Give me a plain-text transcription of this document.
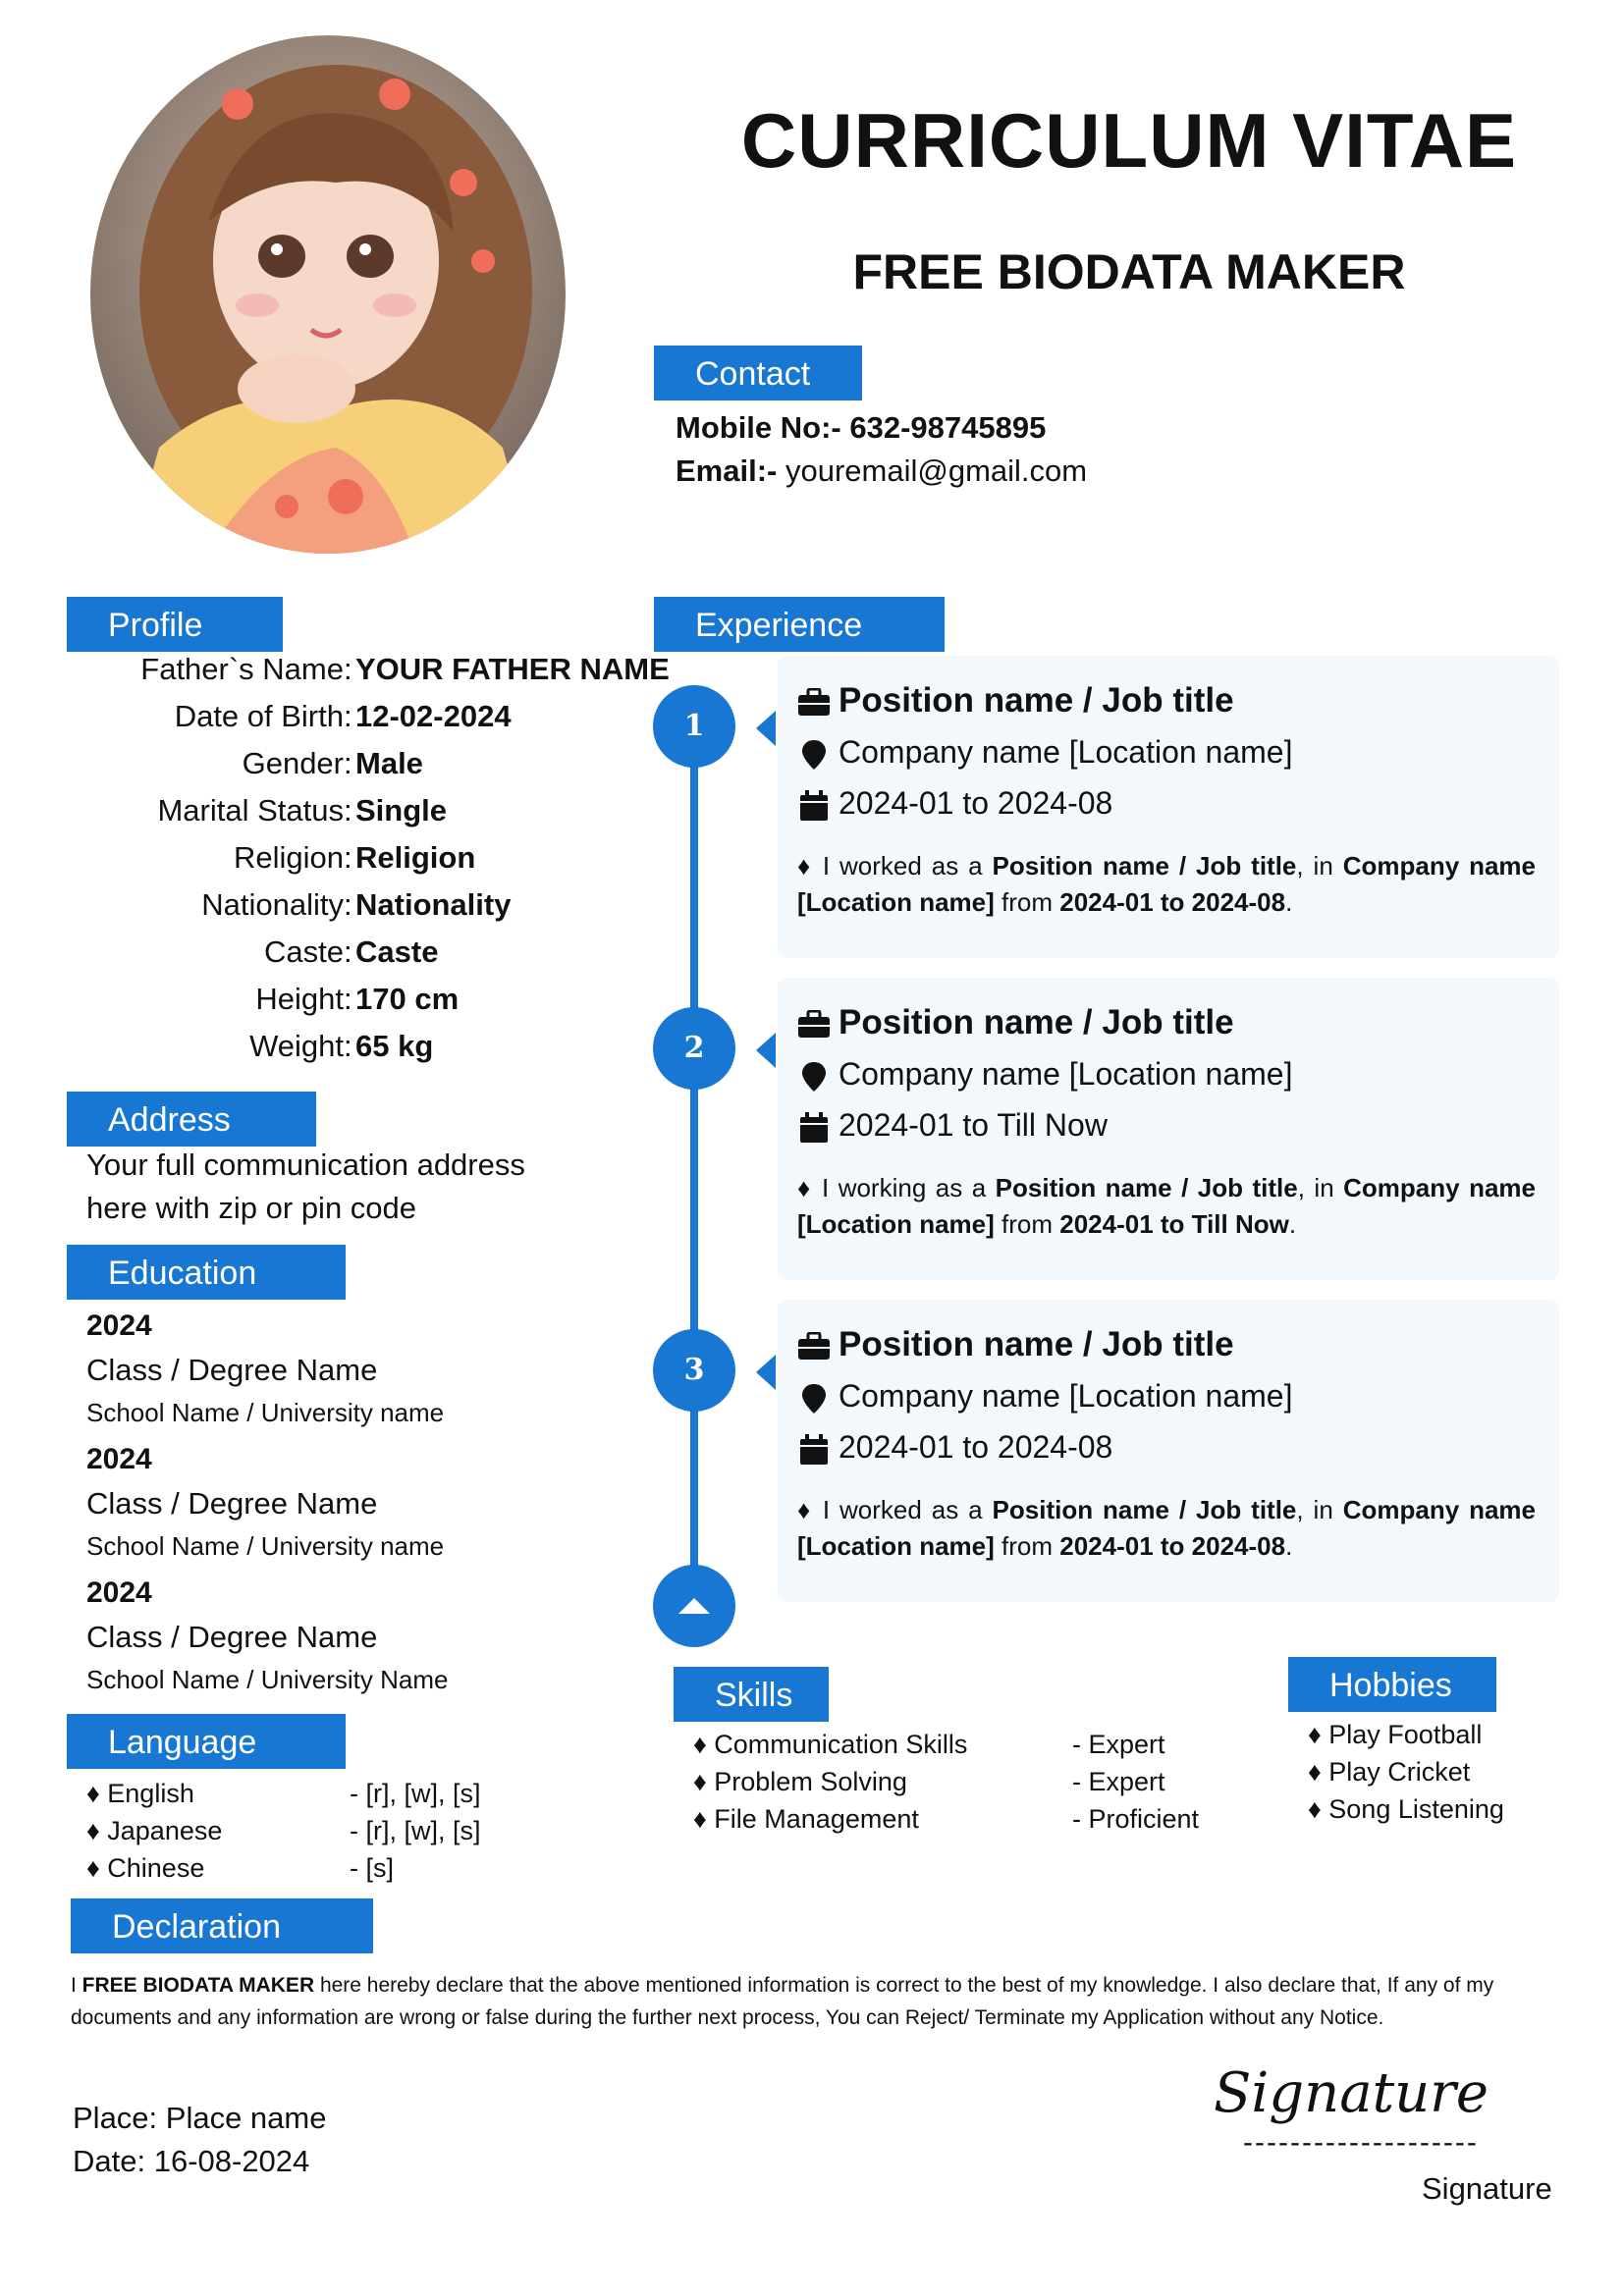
CURRICULUM VITAE
FREE BIODATA MAKER
Contact
Mobile No:- 632-98745895
Email:- youremail@gmail.com
Profile
Father`s Name : YOUR FATHER NAME
Date of Birth : 12-02-2024
Gender : Male
Marital Status : Single
Religion : Religion
Nationality : Nationality
Caste : Caste
Height : 170 cm
Weight : 65 kg
Address
Your full communication address
here with zip or pin code
Education
2024
Class / Degree Name
School Name / University name
2024
Class / Degree Name
School Name / University name
2024
Class / Degree Name
School Name / University Name
Language
♦ English	- [r], [w], [s]
♦ Japanese	- [r], [w], [s]
♦ Chinese	- [s]
Declaration
Experience
1
2
3
Position name / Job title
Company name [Location name]
2024-01 to 2024-08
♦ I worked as a Position name / Job title, in Company name [Location name] from 2024-01 to 2024-08.
Position name / Job title
Company name [Location name]
2024-01 to Till Now
♦ I working as a Position name / Job title, in Company name [Location name] from 2024-01 to Till Now.
Position name / Job title
Company name [Location name]
2024-01 to 2024-08
♦ I worked as a Position name / Job title, in Company name [Location name] from 2024-01 to 2024-08.
Skills
♦ Communication Skills	- Expert
♦ Problem Solving	- Expert
♦ File Management	- Proficient
Hobbies
♦ Play Football
♦ Play Cricket
♦ Song Listening
I FREE BIODATA MAKER here hereby declare that the above mentioned information is correct to the best of my knowledge. I also declare that, If any of my documents and any information are wrong or false during the further next process, You can Reject/ Terminate my Application without any Notice.
Place: Place name
Date: 16-08-2024
Signature
--------------------
Signature
